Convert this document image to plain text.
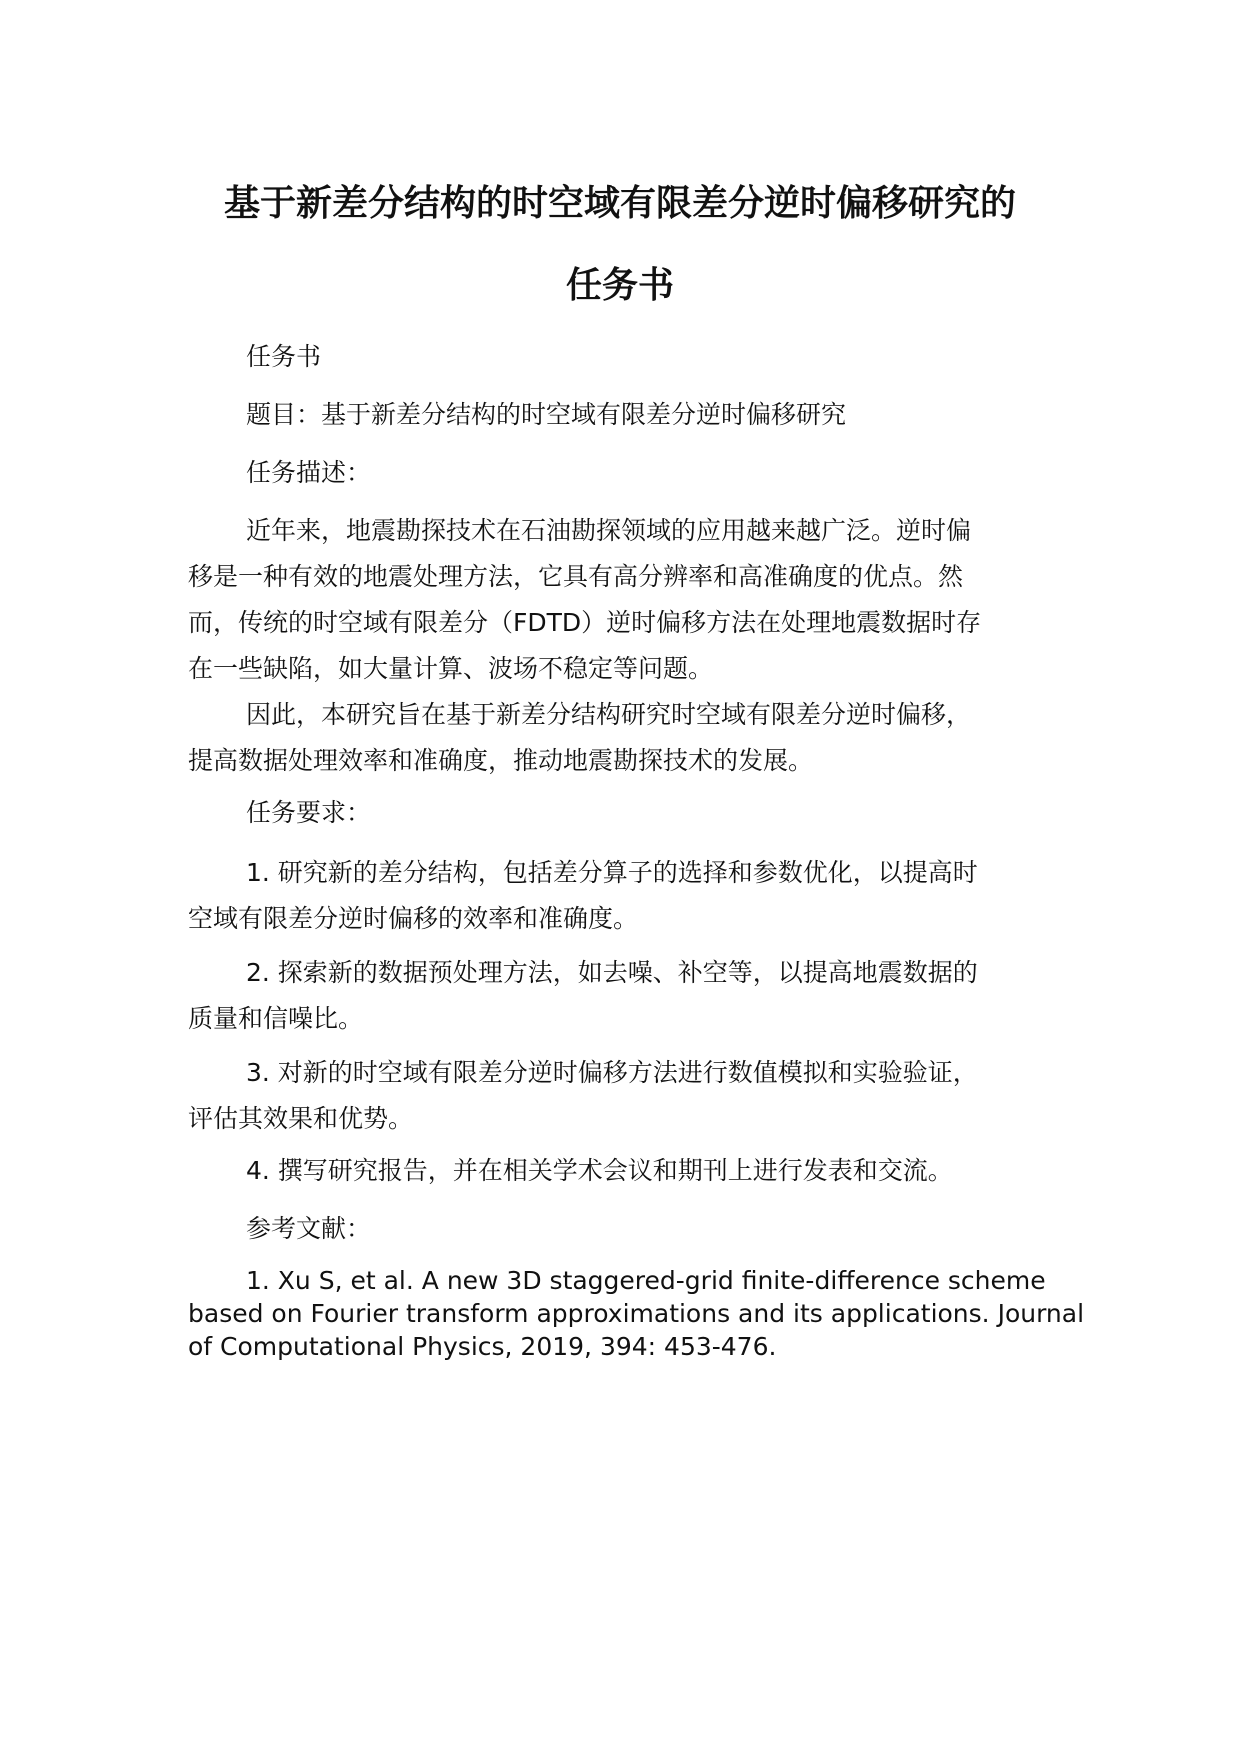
基于新差分结构的时空域有限差分逆时偏移研究的
任务书

任务书

题目：基于新差分结构的时空域有限差分逆时偏移研究

任务描述：

近年来，地震勘探技术在石油勘探领域的应用越来越广泛。逆时偏
移是一种有效的地震处理方法，它具有高分辨率和高准确度的优点。然
而，传统的时空域有限差分（FDTD）逆时偏移方法在处理地震数据时存
在一些缺陷，如大量计算、波场不稳定等问题。
因此，本研究旨在基于新差分结构研究时空域有限差分逆时偏移，
提高数据处理效率和准确度，推动地震勘探技术的发展。

任务要求：

1. 研究新的差分结构，包括差分算子的选择和参数优化，以提高时
空域有限差分逆时偏移的效率和准确度。
2. 探索新的数据预处理方法，如去噪、补空等，以提高地震数据的
质量和信噪比。
3. 对新的时空域有限差分逆时偏移方法进行数值模拟和实验验证，
评估其效果和优势。

4. 撰写研究报告，并在相关学术会议和期刊上进行发表和交流。

参考文献：

1. Xu S, et al. A new 3D staggered-grid finite-difference scheme
based on Fourier transform approximations and its applications. Journal
of Computational Physics, 2019, 394: 453-476.
